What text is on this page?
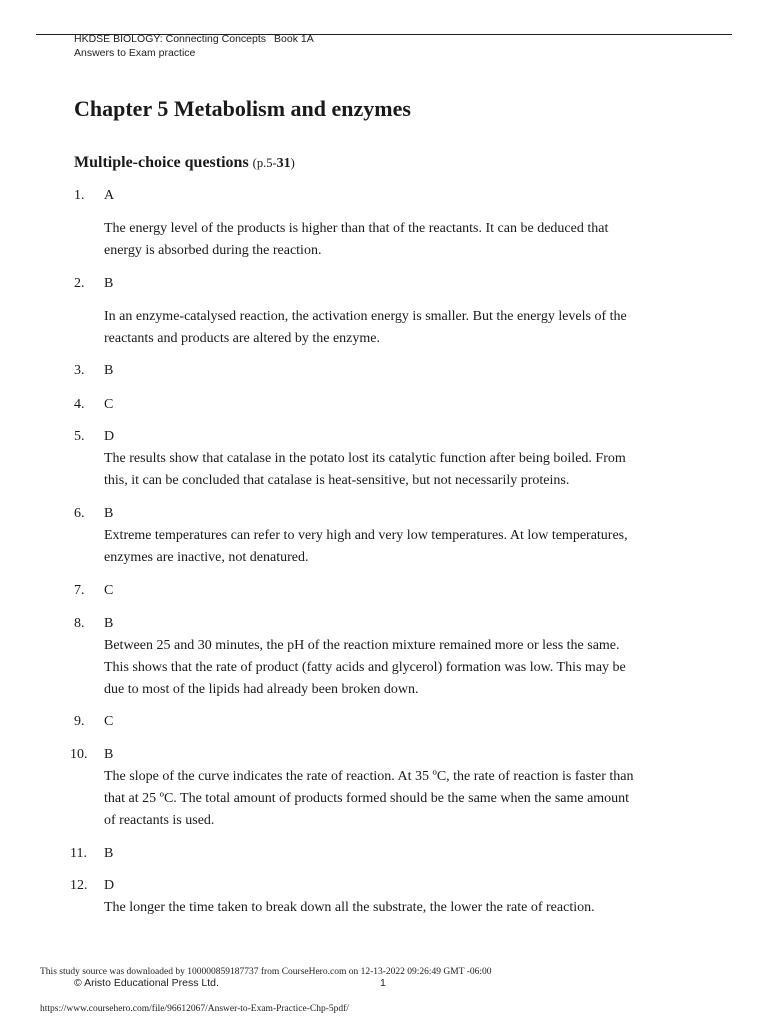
HKDSE BIOLOGY: Connecting Concepts Book 1A
Answers to Exam practice
Chapter 5 Metabolism and enzymes
Multiple-choice questions (p.5-31)
1.	A
The energy level of the products is higher than that of the reactants. It can be deduced that
energy is absorbed during the reaction.
2.	B
In an enzyme-catalysed reaction, the activation energy is smaller. But the energy levels of the
reactants and products are altered by the enzyme.
3.	B
4.	C
5.	D
The results show that catalase in the potato lost its catalytic function after being boiled. From
this, it can be concluded that catalase is heat-sensitive, but not necessarily proteins.
6.	B
Extreme temperatures can refer to very high and very low temperatures. At low temperatures,
enzymes are inactive, not denatured.
7.	C
8.	B
Between 25 and 30 minutes, the pH of the reaction mixture remained more or less the same.
This shows that the rate of product (fatty acids and glycerol) formation was low. This may be
due to most of the lipids had already been broken down.
9.	C
10.	B
The slope of the curve indicates the rate of reaction. At 35 ºC, the rate of reaction is faster than
that at 25 ºC. The total amount of products formed should be the same when the same amount
of reactants is used.
11.	B
12.	D
The longer the time taken to break down all the substrate, the lower the rate of reaction.
This study source was downloaded by 100000859187737 from CourseHero.com on 12-13-2022 09:26:49 GMT -06:00
© Aristo Educational Press Ltd.	1
https://www.coursehero.com/file/96612067/Answer-to-Exam-Practice-Chp-5pdf/
